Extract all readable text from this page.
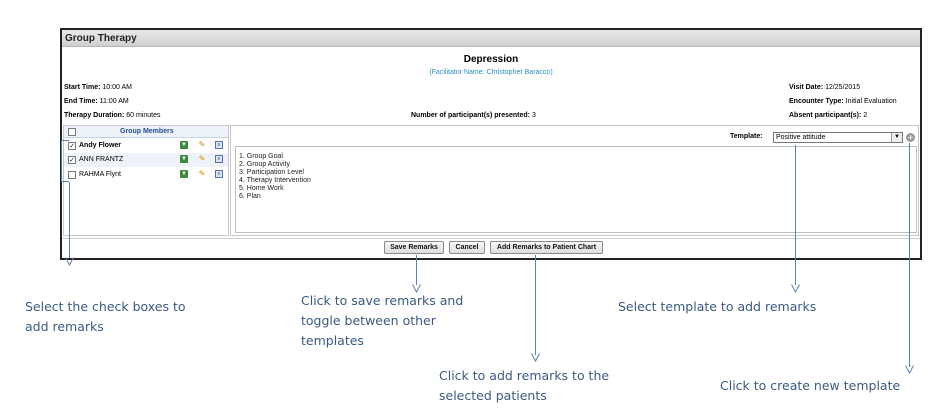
Group Therapy
Depression
(Facilitator Name: Christopher Baracco)
Start Time: 10:00 AM
End Time: 11:00 AM
Therapy Duration: 60 minutes	Number of participant(s) presented: 3
Visit Date: 12/25/2015
Encounter Type: Initial Evaluation
Absent participant(s): 2
Group Members
✓ Andy Flower	▼ ✎	≡
✓ ANN FRANTZ	▼ ✎	≡
RAHMA Flynt	▼ ✎	≡
Template:	Positive attitude	▼ +
1. Group Goal
2. Group Activity
3. Participation Level
4. Therapy Intervention
5. Home Work
6. Plan
Save Remarks	Cancel	Add Remarks to Patient Chart
Select the check boxes to
add remarks
Click to save remarks and
toggle between other
templates
Click to add remarks to the
selected patients
Select template to add remarks
Click to create new template
